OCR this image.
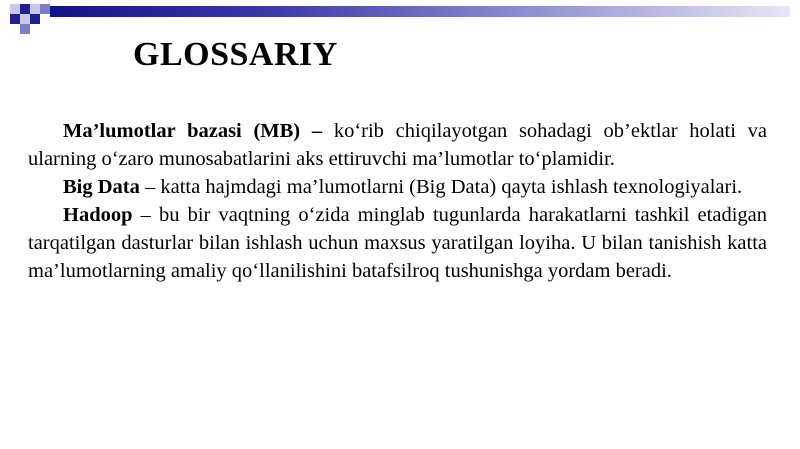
GLOSSARIY

Ma’lumotlar bazasi (MB) – ko‘rib chiqilayotgan sohadagi ob’ektlar holati va ularning o‘zaro munosabatlarini aks ettiruvchi ma’lumotlar to‘plamidir.

Big Data – katta hajmdagi ma’lumotlarni (Big Data) qayta ishlash texnologiyalari.

Hadoop – bu bir vaqtning o‘zida minglab tugunlarda harakatlarni tashkil etadigan tarqatilgan dasturlar bilan ishlash uchun maxsus yaratilgan loyiha. U bilan tanishish katta ma’lumotlarning amaliy qo‘llanilishini batafsilroq tushunishga yordam beradi.
